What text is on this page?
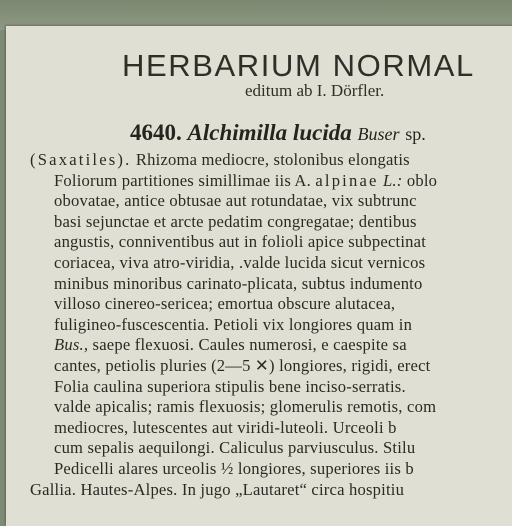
HERBARIUM NORMAL
editum ab I. Dörfler.
4640. Alchimilla lucida Buser sp.
(Saxatiles). Rhizoma mediocre, stolonibus elongatis
Foliorum partitiones simillimae iis A. alpinae L.: oblo
obovatae, antice obtusae aut rotundatae, vix subtrunc
basi sejunctae et arcte pedatim congregatae; dentibus
angustis, conniventibus aut in folioli apice subpectinat
coriacea, viva atro-viridia, .valde lucida sicut vernicos
minibus minoribus carinato-plicata, subtus indumento
villoso cinereo-sericea; emortua obscure alutacea,
fuligineo-fuscescentia. Petioli vix longiores quam in
Bus., saepe flexuosi. Caules numerosi, e caespite sa
cantes, petiolis pluries (2—5 ✕) longiores, rigidi, erect
Folia caulina superiora stipulis bene inciso-serratis.
valde apicalis; ramis flexuosis; glomerulis remotis, com
mediocres, lutescentes aut viridi-luteoli. Urceoli b
cum sepalis aequilongi. Caliculus parviusculus. Stilu
Pedicelli alares urceolis ½ longiores, superiores iis b
Gallia. Hautes-Alpes. In jugo „Lautaret“ circa hospitiu
